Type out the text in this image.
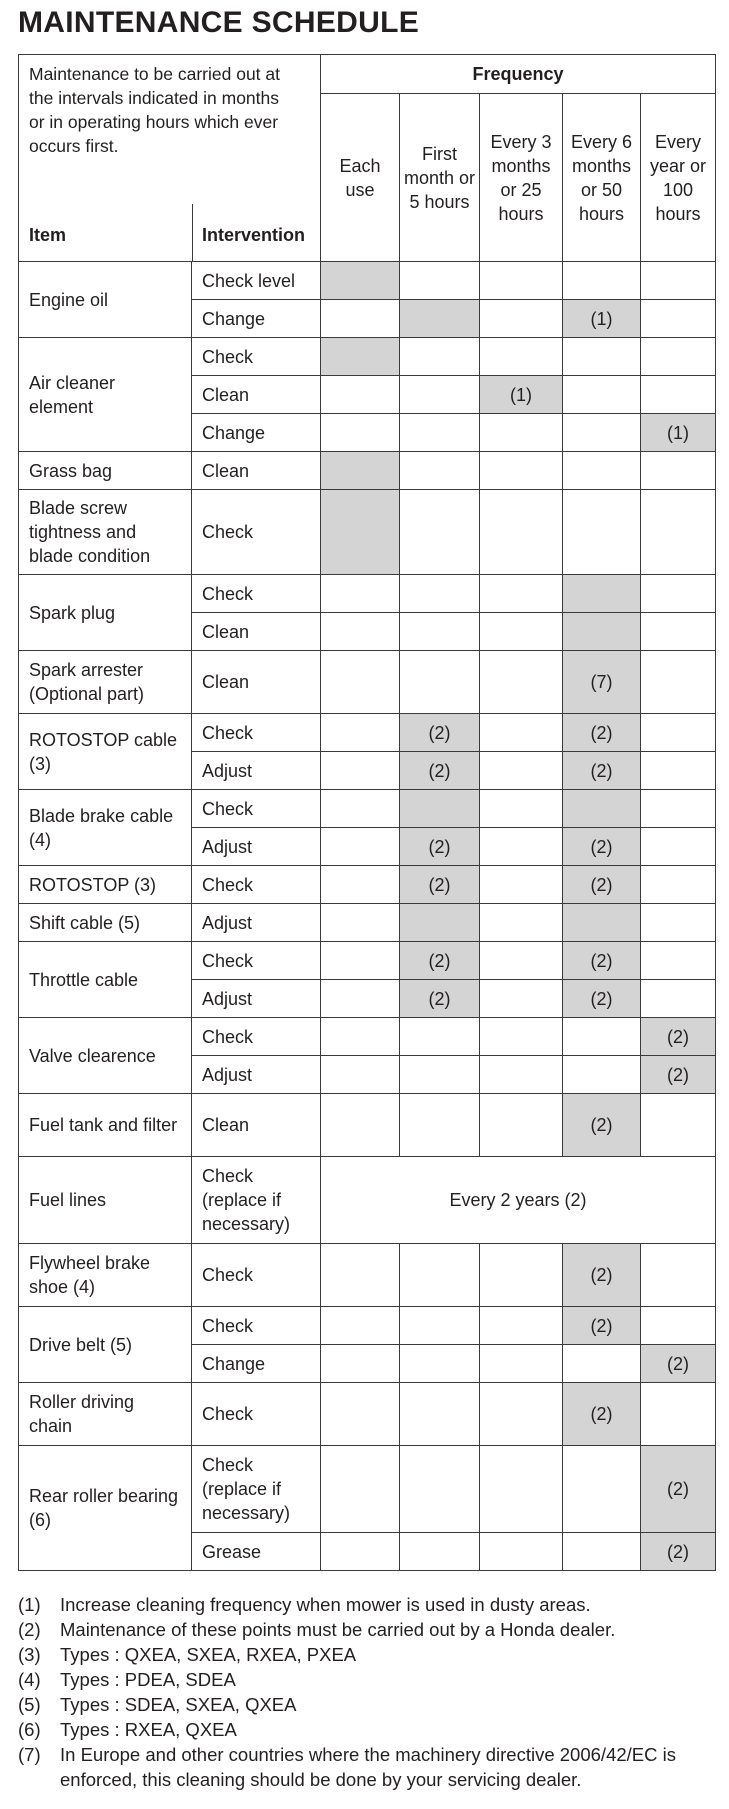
MAINTENANCE SCHEDULE
Maintenance to be carried out at the intervals indicated in months or in operating hours which ever occurs first.
Item Intervention		Frequency				
		Each use	First month or 5 hours	Every 3 months or 25 hours	Every 6 months or 50 hours	Every year or 100 hours
Engine oil	Check level					
	Change				(1)	
Air cleaner element	Check					
	Clean			(1)		
	Change					(1)
Grass bag	Clean					
Blade screw tightness and blade condition	Check					
Spark plug	Check					
	Clean					
Spark arrester (Optional part)	Clean				(7)	
ROTOSTOP cable (3)	Check		(2)		(2)	
	Adjust		(2)		(2)	
Blade brake cable (4)	Check					
	Adjust		(2)		(2)	
ROTOSTOP (3)	Check		(2)		(2)	
Shift cable (5)	Adjust					
Throttle cable	Check		(2)		(2)	
	Adjust		(2)		(2)	
Valve clearence	Check					(2)
	Adjust					(2)
Fuel tank and filter	Clean				(2)	
Fuel lines	Check (replace if necessary)	Every 2 years (2)				
Flywheel brake shoe (4)	Check				(2)	
Drive belt (5)	Check				(2)	
	Change					(2)
Roller driving chain	Check				(2)	
Rear roller bearing (6)	Check (replace if necessary)					(2)
	Grease					(2)
(1) Increase cleaning frequency when mower is used in dusty areas.
(2) Maintenance of these points must be carried out by a Honda dealer.
(3) Types : QXEA, SXEA, RXEA, PXEA
(4) Types : PDEA, SDEA
(5) Types : SDEA, SXEA, QXEA
(6) Types : RXEA, QXEA
(7) In Europe and other countries where the machinery directive 2006/42/EC is enforced, this cleaning should be done by your servicing dealer.
